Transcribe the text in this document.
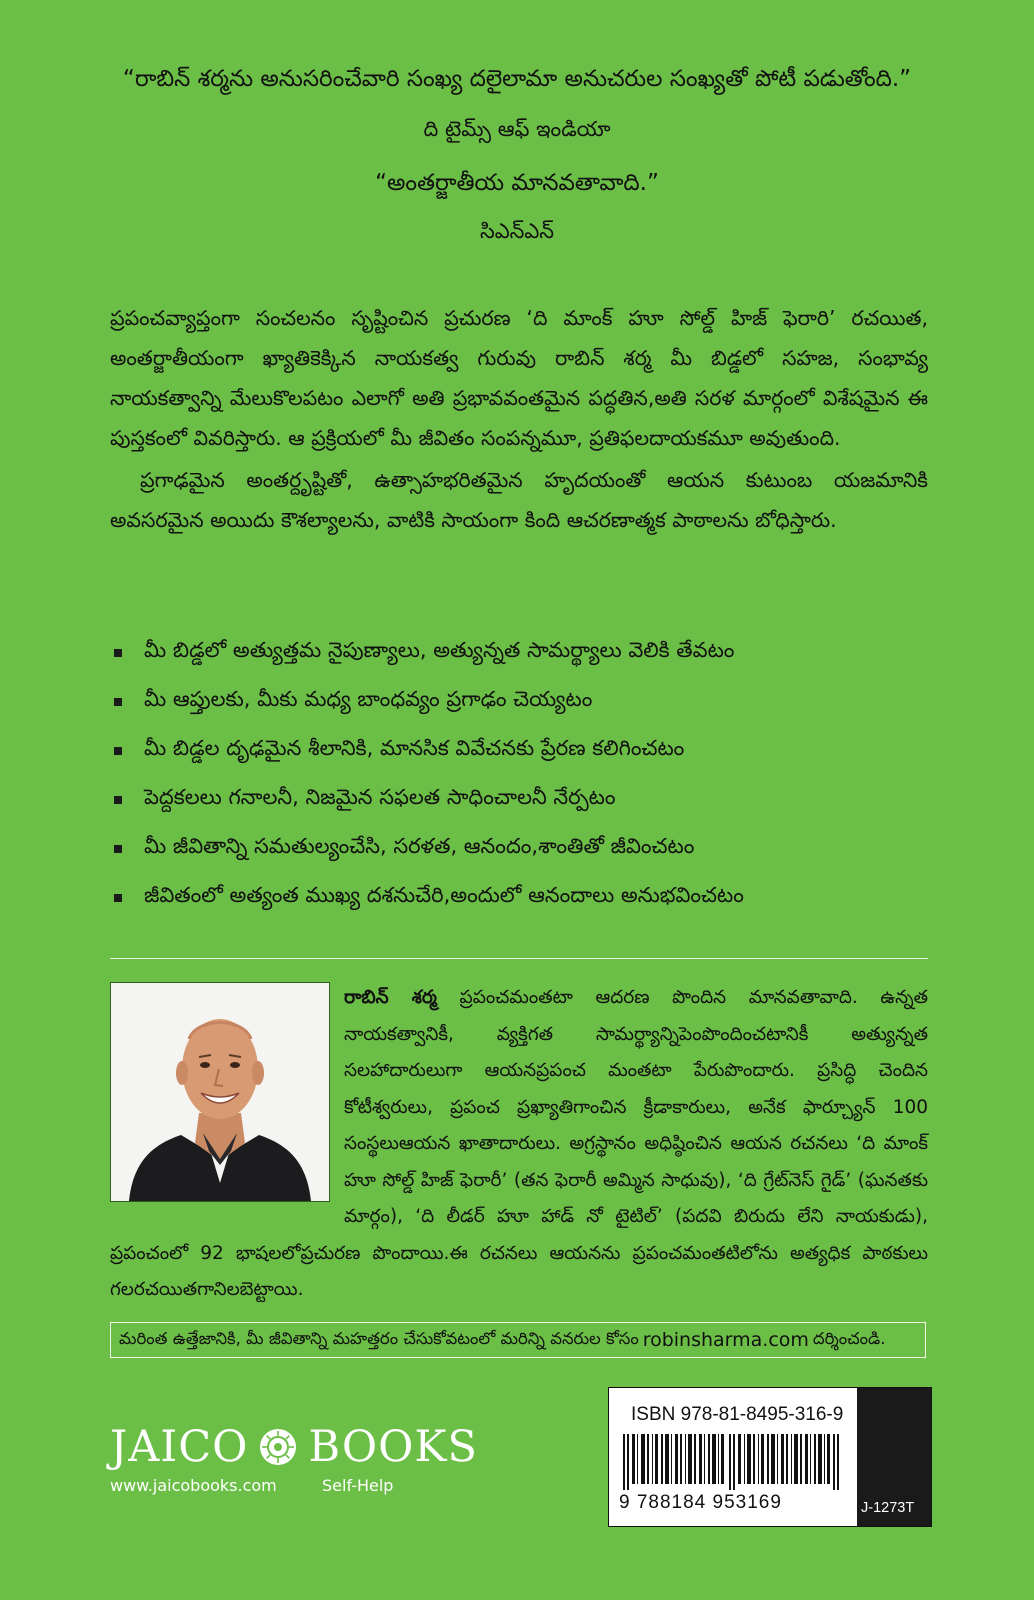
“రాబిన్ శర్మను అనుసరించేవారి సంఖ్య దలైలామా అనుచరుల సంఖ్యతో పోటీ పడుతోంది.”

ది టైమ్స్ ఆఫ్ ఇండియా

“అంతర్జాతీయ మానవతావాది.”

సిఎన్ఎన్

ప్రపంచవ్యాప్తంగా సంచలనం సృష్టించిన ప్రచురణ ‘ది మాంక్ హూ సోల్డ్ హిజ్ ఫెరారి’ రచయిత, అంతర్జాతీయంగా ఖ్యాతికెక్కిన నాయకత్వ గురువు రాబిన్ శర్మ మీ బిడ్డలో సహజ, సంభావ్య నాయకత్వాన్ని మేలుకొలపటం ఎలాగో అతి ప్రభావవంతమైన పద్ధతిన,అతి సరళ మార్గంలో విశేషమైన ఈ పుస్తకంలో వివరిస్తారు. ఆ ప్రక్రియలో మీ జీవితం సంపన్నమూ, ప్రతిఫలదాయకమూ అవుతుంది.

ప్రగాఢమైన అంతర్దృష్టితో, ఉత్సాహభరితమైన హృదయంతో ఆయన కుటుంబ యజమానికి అవసరమైన అయిదు కౌశల్యాలను, వాటికి సాయంగా కింది ఆచరణాత్మక పాఠాలను బోధిస్తారు.

మీ బిడ్డలో అత్యుత్తమ నైపుణ్యాలు, అత్యున్నత సామర్థ్యాలు వెలికి తేవటం
మీ ఆప్తులకు, మీకు మధ్య బాంధవ్యం ప్రగాఢం చెయ్యటం
మీ బిడ్డల దృఢమైన శీలానికి, మానసిక వివేచనకు ప్రేరణ కలిగించటం
పెద్దకలలు గనాలనీ, నిజమైన సఫలత సాధించాలనీ నేర్పటం
మీ జీవితాన్ని సమతుల్యంచేసి, సరళత, ఆనందం,శాంతితో జీవించటం
జీవితంలో అత్యంత ముఖ్య దశనుచేరి,అందులో ఆనందాలు అనుభవించటం

రాబిన్ శర్మ ప్రపంచమంతటా ఆదరణ పొందిన మానవతావాది. ఉన్నత నాయకత్వానికీ, వ్యక్తిగత సామర్థ్యాన్నిపెంపొందించటానికీ అత్యున్నత సలహాదారులుగా ఆయనప్రపంచ మంతటా పేరుపొందారు. ప్రసిద్ధి చెందిన కోటీశ్వరులు, ప్రపంచ ప్రఖ్యాతిగాంచిన క్రీడాకారులు, అనేక ఫార్చ్యూన్ 100 సంస్థలుఆయన ఖాతాదారులు. అగ్రస్థానం అధిష్ఠించిన ఆయన రచనలు ‘ది మాంక్ హూ సోల్డ్ హిజ్ ఫెరారీ’ (తన ఫెరారీ అమ్మిన సాధువు), ‘ది గ్రేట్‌నెస్ గైడ్’ (ఘనతకు మార్గం), ‘ది లీడర్ హూ హాడ్ నో టైటిల్’ (పదవి బిరుదు లేని నాయకుడు), ప్రపంచంలో 92 భాషలలోప్రచురణ పొందాయి.ఈ రచనలు ఆయనను ప్రపంచమంతటిలోను అత్యధిక పాఠకులు గలరచయితగానిలబెట్టాయి.

మరింత ఉత్తేజానికి, మీ జీవితాన్ని మహత్తరం చేసుకోవటంలో మరిన్ని వనరుల కోసం robinsharma.com దర్శించండి.
JAICO BOOKS
www.jaicobooks.com	Self-Help
ISBN 978-81-8495-316-9
9 788184 953169	J-1273T
